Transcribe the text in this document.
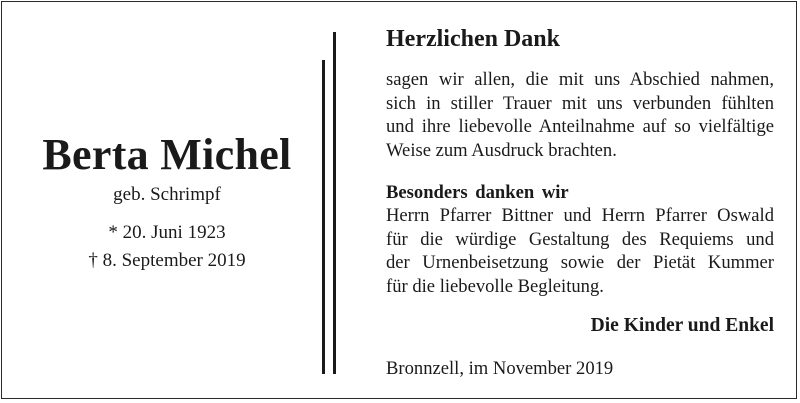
Berta Michel
geb. Schrimpf
* 20. Juni 1923
† 8. September 2019
Herzlichen Dank
sagen wir allen, die mit uns Abschied nahmen,
sich in stiller Trauer mit uns verbunden fühlten
und ihre liebevolle Anteilnahme auf so vielfältige
Weise zum Ausdruck brachten.
Besonders danken wir
Herrn Pfarrer Bittner und Herrn Pfarrer Oswald
für die würdige Gestaltung des Requiems und
der Urnenbeisetzung sowie der Pietät Kummer
für die liebevolle Begleitung.
Die Kinder und Enkel
Bronnzell, im November 2019
